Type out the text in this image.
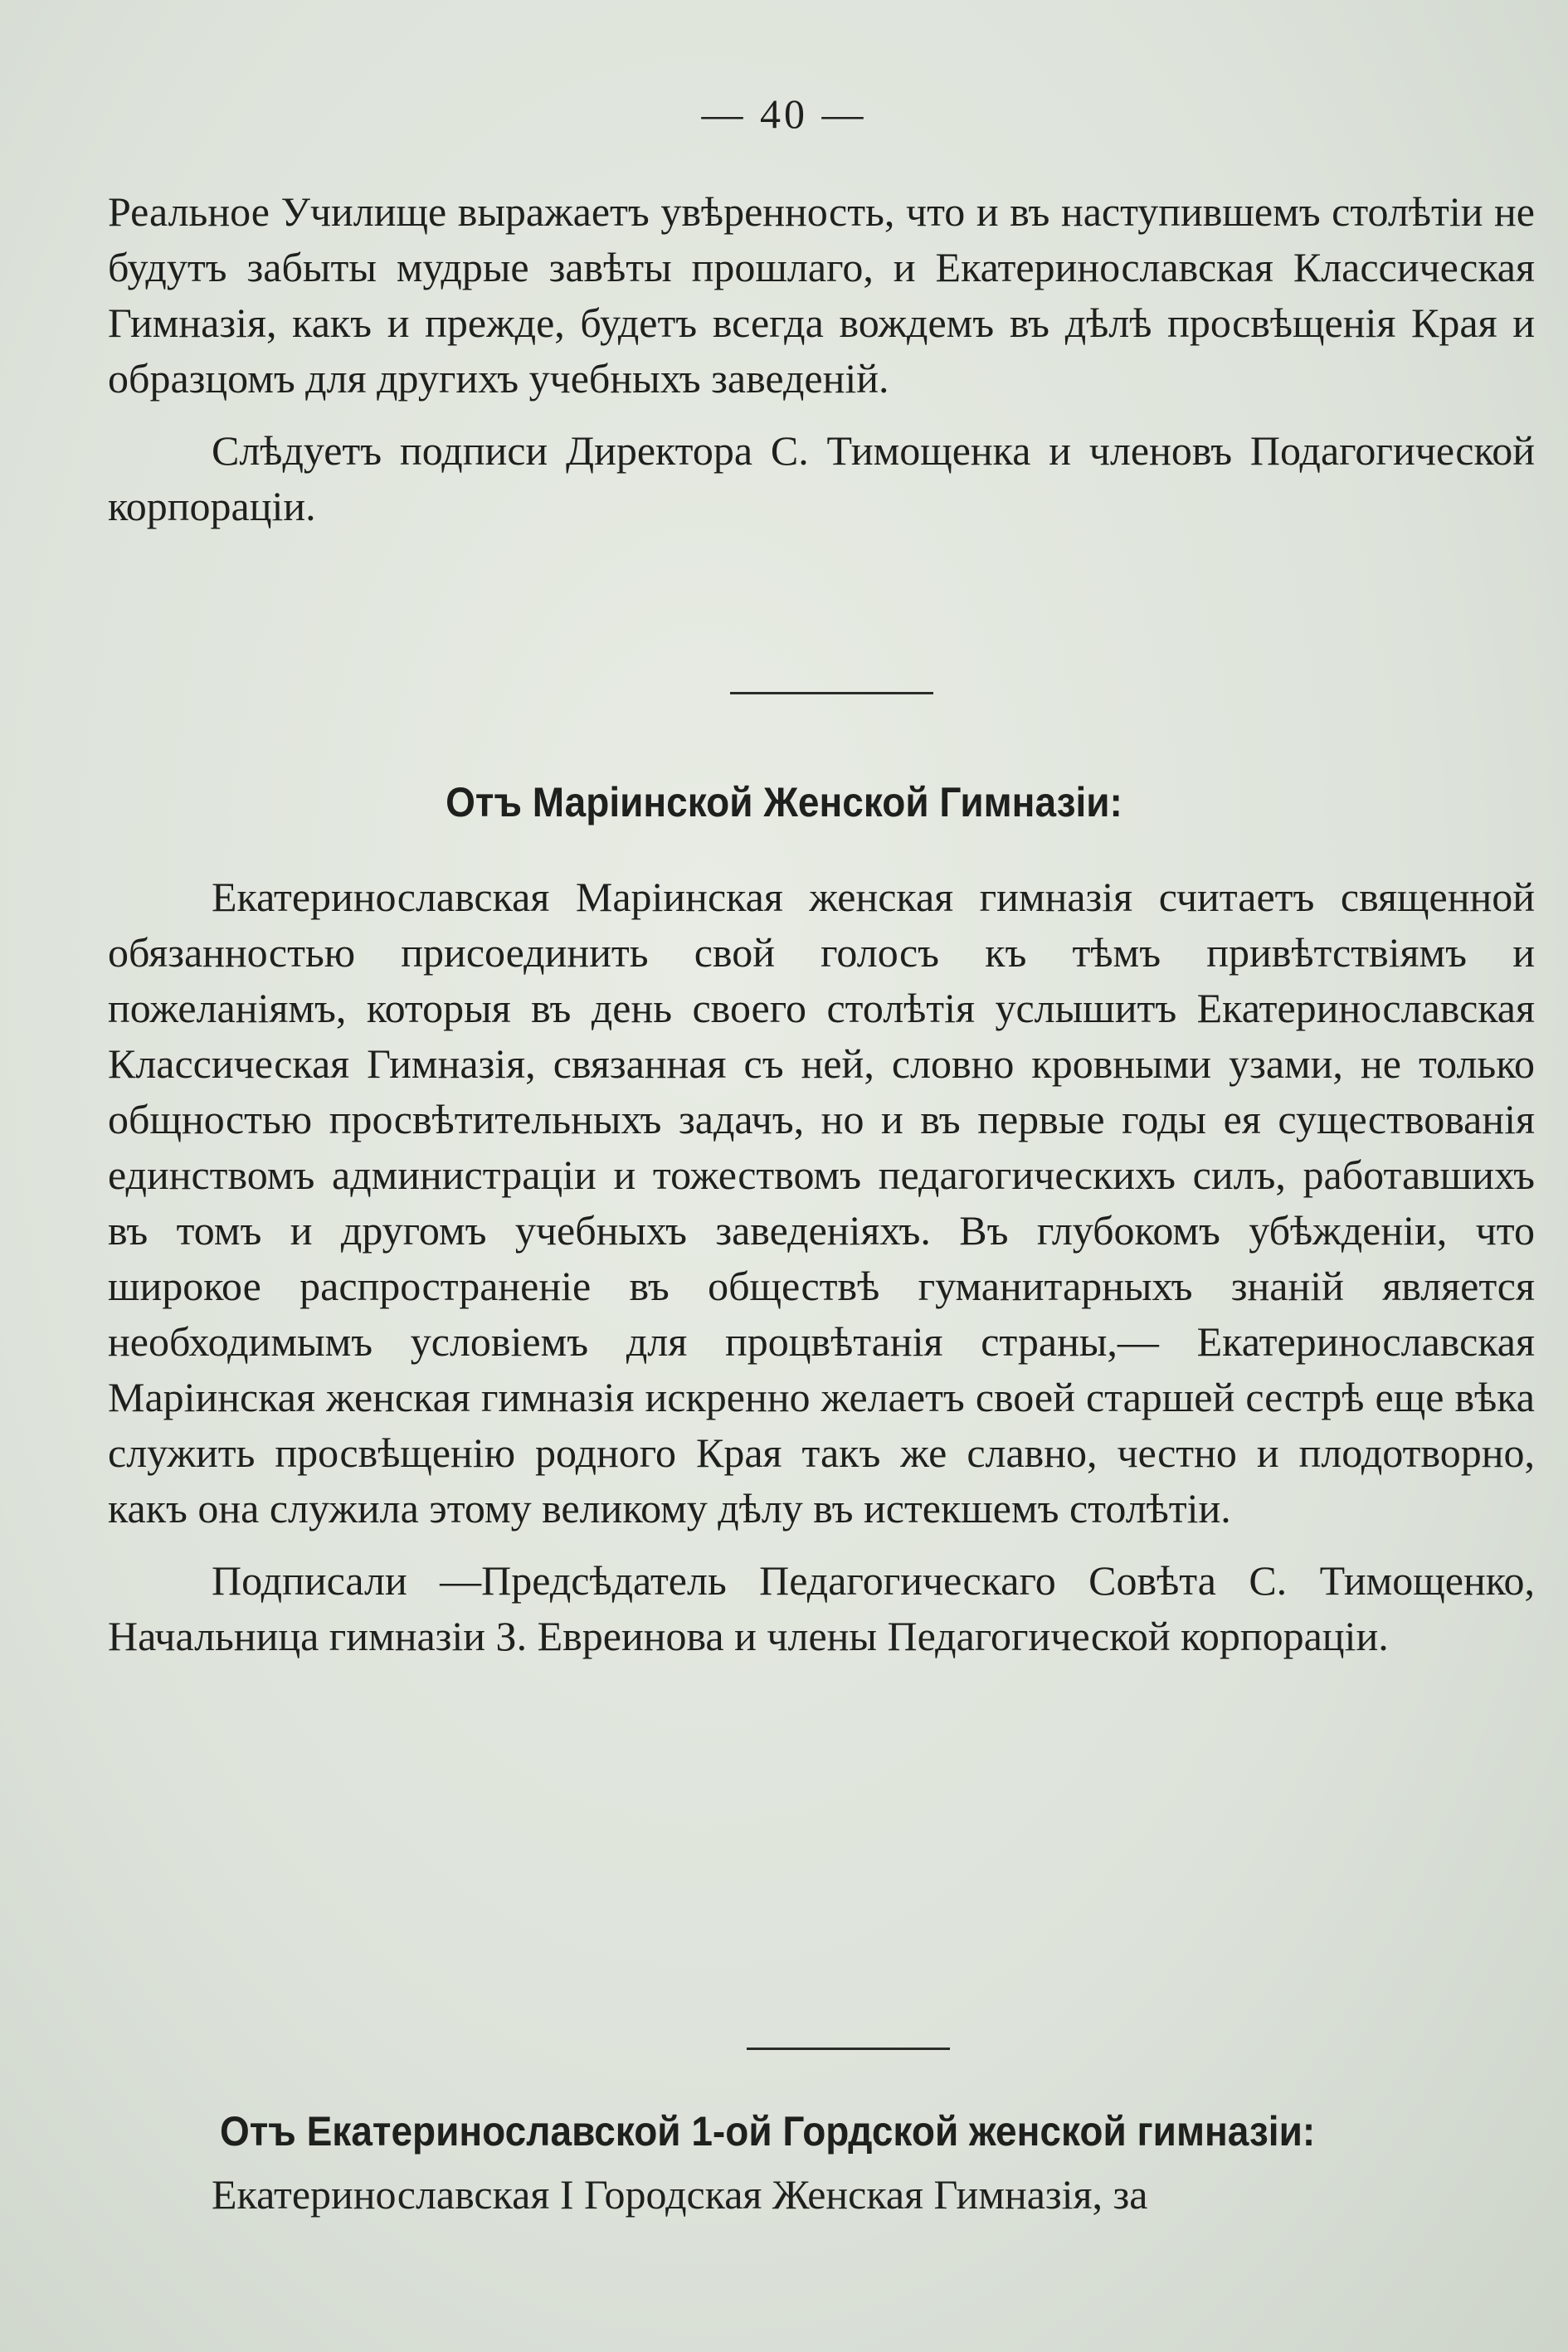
— 40 —

Реальное Училище выражаетъ увѣренность, что и въ наступившемъ столѣтіи не будутъ забыты мудрые завѣты прошлаго, и Екатеринославская Классическая Гимназія, какъ и прежде, будетъ всегда вождемъ въ дѣлѣ просвѣщенія Края и образцомъ для другихъ учебныхъ заведеній.

Слѣдуетъ подписи Директора С. Тимощенка и членовъ Подагогической корпораціи.

Отъ Маріинской Женской Гимназіи:

Екатеринославская Маріинская женская гимназія считаетъ священной обязанностью присоединить свой голосъ къ тѣмъ привѣтствіямъ и пожеланіямъ, которыя въ день своего столѣтія услышитъ Екатеринославская Классическая Гимназія, связанная съ ней, словно кровными узами, не только общностью просвѣтительныхъ задачъ, но и въ первые годы ея существованія единствомъ администраціи и тожествомъ педагогическихъ силъ, работавшихъ въ томъ и другомъ учебныхъ заведеніяхъ. Въ глубокомъ убѣжденіи, что широкое распространеніе въ обществѣ гуманитарныхъ знаній является необходимымъ условіемъ для процвѣтанія страны,— Екатеринославская Маріинская женская гимназія искренно желаетъ своей старшей сестрѣ еще вѣка служить просвѣщенію родного Края такъ же славно, честно и плодотворно, какъ она служила этому великому дѣлу въ истекшемъ столѣтіи.

Подписали —Предсѣдатель Педагогическаго Совѣта С. Тимощенко, Начальница гимназіи З. Евреинова и члены Педагогической корпораціи.

Отъ Екатеринославской 1-ой Гордской женской гимназіи:

Екатеринославская I Городская Женская Гимназія, за
